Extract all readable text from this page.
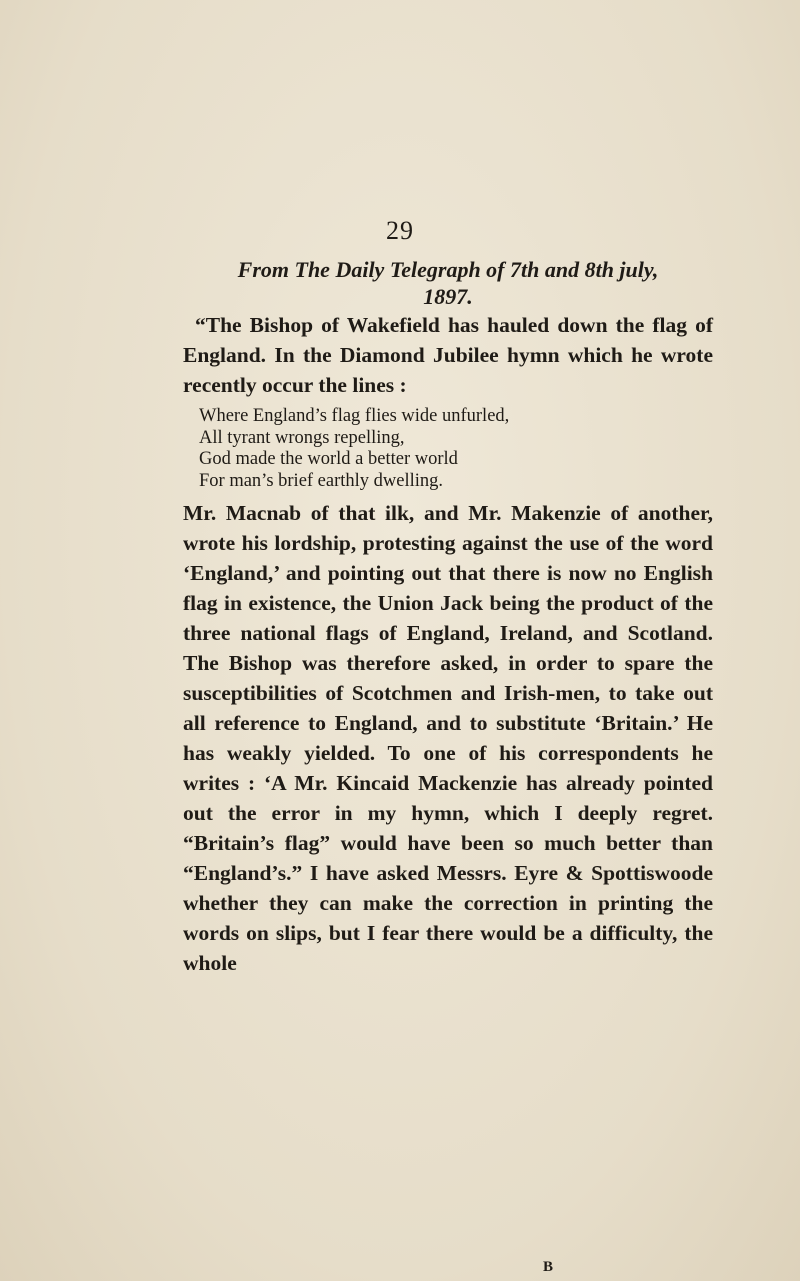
29

From The Daily Telegraph of 7th and 8th july,

1897.

“The Bishop of Wakefield has hauled down the flag of England. In the Diamond Jubilee hymn which he wrote recently occur the lines :

Where England’s flag flies wide unfurled,
All tyrant wrongs repelling,
God made the world a better world
For man’s brief earthly dwelling.

Mr. Macnab of that ilk, and Mr. Makenzie of another, wrote his lordship, protesting against the use of the word ‘England,’ and pointing out that there is now no English flag in existence, the Union Jack being the product of the three national flags of England, Ireland, and Scotland. The Bishop was therefore asked, in order to spare the susceptibilities of Scotchmen and Irish-men, to take out all reference to England, and to substitute ‘Britain.’ He has weakly yielded. To one of his correspondents he writes : ‘A Mr. Kincaid Mackenzie has already pointed out the error in my hymn, which I deeply regret. “Britain’s flag” would have been so much better than “England’s.” I have asked Messrs. Eyre & Spottiswoode whether they can make the correction in printing the words on slips, but I fear there would be a difficulty, the whole

B
